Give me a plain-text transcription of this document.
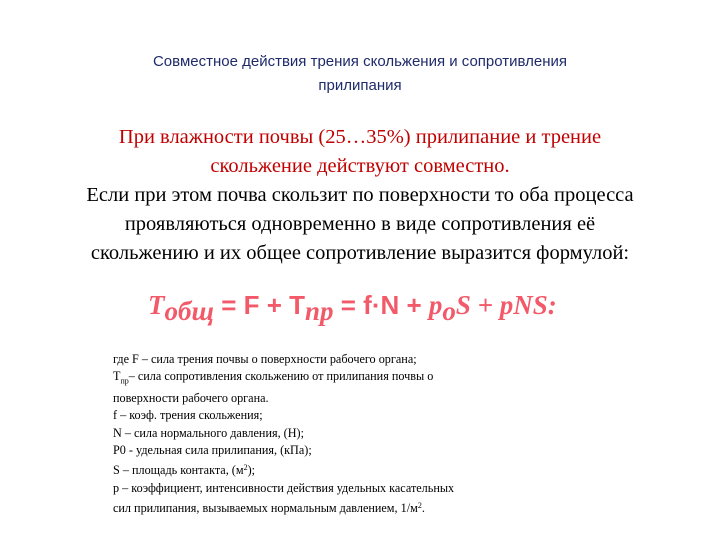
Совместное действия трения скольжения и сопротивления
прилипания
При влажности почвы (25…35%) прилипание и трение
скольжение действуют совместно.
Если при этом почва скользит по поверхности то оба процесса
проявляються одновременно в виде сопротивления её
скольжению и их общее сопротивление выразится формулой:
$T_{общ} = F + T_{пр} = f\cdot N + p_oS$ + pNS:
где F – сила трения почвы о поверхности рабочего органа;
$T_{пр}-$ сила сопротивления скольжению от прилипания почвы о
поверхности рабочего органа.
f – коэф. трения скольжения;
N – сила нормального давления, (Н);
Р0 - удельная сила прилипания, (кПа);
S – площадь контакта, $(м^2)$;
p – коэффициент, интенсивности действия удельных касательных
сил прилипания, вызываемых нормальным давлением, $1/м^2$.
